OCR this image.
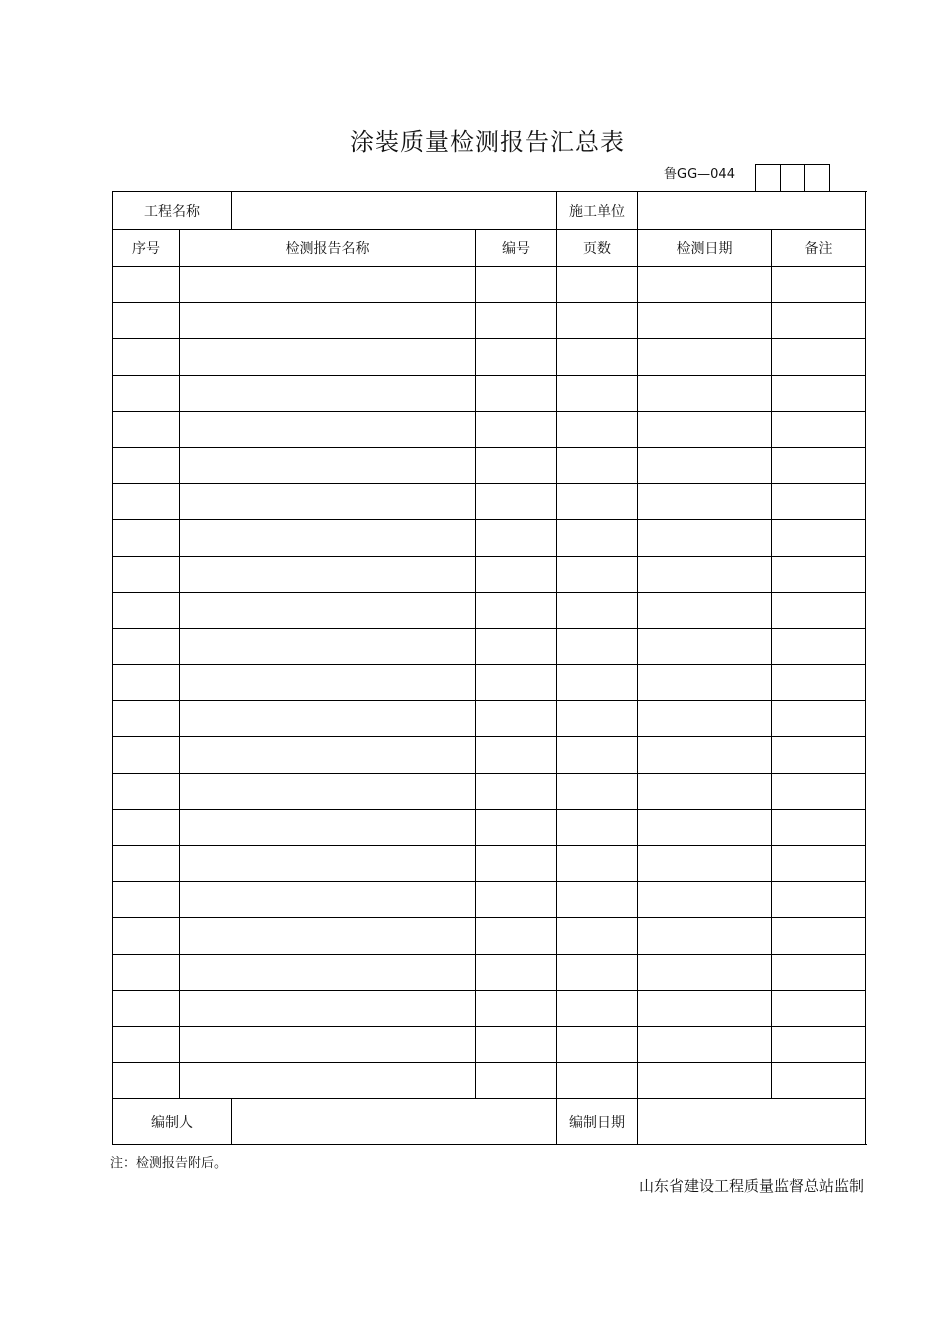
涂装质量检测报告汇总表
鲁GG—044
工程名称				施工单位		
序号	检测报告名称		编号	页数	检测日期	备注

编制人				编制日期		
注：检测报告附后。
山东省建设工程质量监督总站监制
